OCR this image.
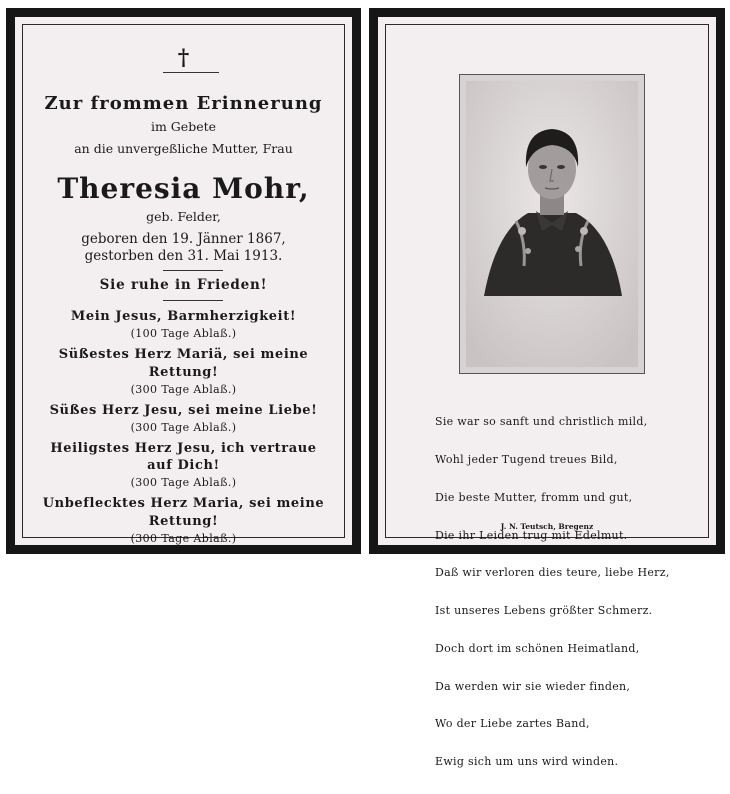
†
Zur frommen Erinnerung
im Gebete
an die unvergeßliche Mutter, Frau
Theresia Mohr,
geb. Felder,
geboren den 19. Jänner 1867,
gestorben den 31. Mai 1913.
Sie ruhe in Frieden!
Mein Jesus, Barmherzigkeit!
(100 Tage Ablaß.)
Süßestes Herz Mariä, sei meine
Rettung!
(300 Tage Ablaß.)
Süßes Herz Jesu, sei meine Liebe!
(300 Tage Ablaß.)
Heiligstes Herz Jesu, ich vertraue
auf Dich!
(300 Tage Ablaß.)
Unbeflecktes Herz Maria, sei meine
Rettung!
(300 Tage Ablaß.)

Sie war so sanft und christlich mild,

Wohl jeder Tugend treues Bild,

Die beste Mutter, fromm und gut,

Die ihr Leiden trug mit Edelmut.

Daß wir verloren dies teure, liebe Herz,

Ist unseres Lebens größter Schmerz.

Doch dort im schönen Heimatland,

Da werden wir sie wieder finden,

Wo der Liebe zartes Band,

Ewig sich um uns wird winden.

J. N. Teutsch, Bregenz
